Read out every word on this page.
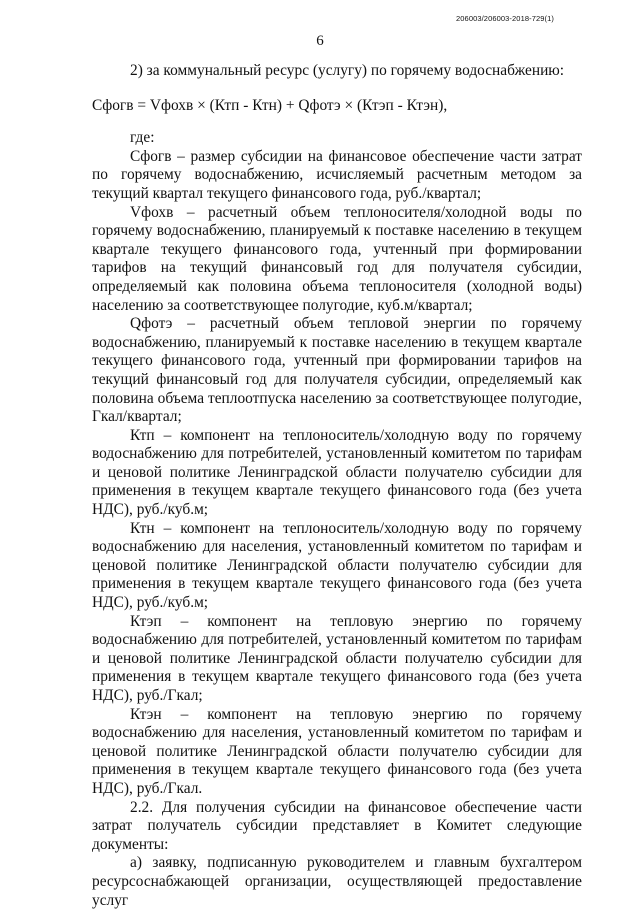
206003/206003-2018-729(1)
6

2) за коммунальный ресурс (услугу) по горячему водоснабжению:

Cфогв = Vфохв × (Ктп - Ктн) + Qфотэ × (Ктэп - Ктэн),

где:

Cфогв – размер субсидии на финансовое обеспечение части затрат по горячему водоснабжению, исчисляемый расчетным методом за текущий квартал текущего финансового года, руб./квартал;

Vфохв – расчетный объем теплоносителя/холодной воды по горячему водоснабжению, планируемый к поставке населению в текущем квартале текущего финансового года, учтенный при формировании тарифов на текущий финансовый год для получателя субсидии, определяемый как половина объема теплоносителя (холодной воды) населению за соответствующее полугодие, куб.м/квартал;

Qфотэ – расчетный объем тепловой энергии по горячему водоснабжению, планируемый к поставке населению в текущем квартале текущего финансового года, учтенный при формировании тарифов на текущий финансовый год для получателя субсидии, определяемый как половина объема теплоотпуска населению за соответствующее полугодие, Гкал/квартал;

Ктп – компонент на теплоноситель/холодную воду по горячему водоснабжению для потребителей, установленный комитетом по тарифам и ценовой политике Ленинградской области получателю субсидии для применения в текущем квартале текущего финансового года (без учета НДС), руб./куб.м;

Ктн – компонент на теплоноситель/холодную воду по горячему водоснабжению для населения, установленный комитетом по тарифам и ценовой политике Ленинградской области получателю субсидии для применения в текущем квартале текущего финансового года (без учета НДС), руб./куб.м;

Ктэп – компонент на тепловую энергию по горячему водоснабжению для потребителей, установленный комитетом по тарифам и ценовой политике Ленинградской области получателю субсидии для применения в текущем квартале текущего финансового года (без учета НДС), руб./Гкал;

Ктэн – компонент на тепловую энергию по горячему водоснабжению для населения, установленный комитетом по тарифам и ценовой политике Ленинградской области получателю субсидии для применения в текущем квартале текущего финансового года (без учета НДС), руб./Гкал.

2.2. Для получения субсидии на финансовое обеспечение части затрат получатель субсидии представляет в Комитет следующие документы:

а) заявку, подписанную руководителем и главным бухгалтером ресурсоснабжающей организации, осуществляющей предоставление услуг
